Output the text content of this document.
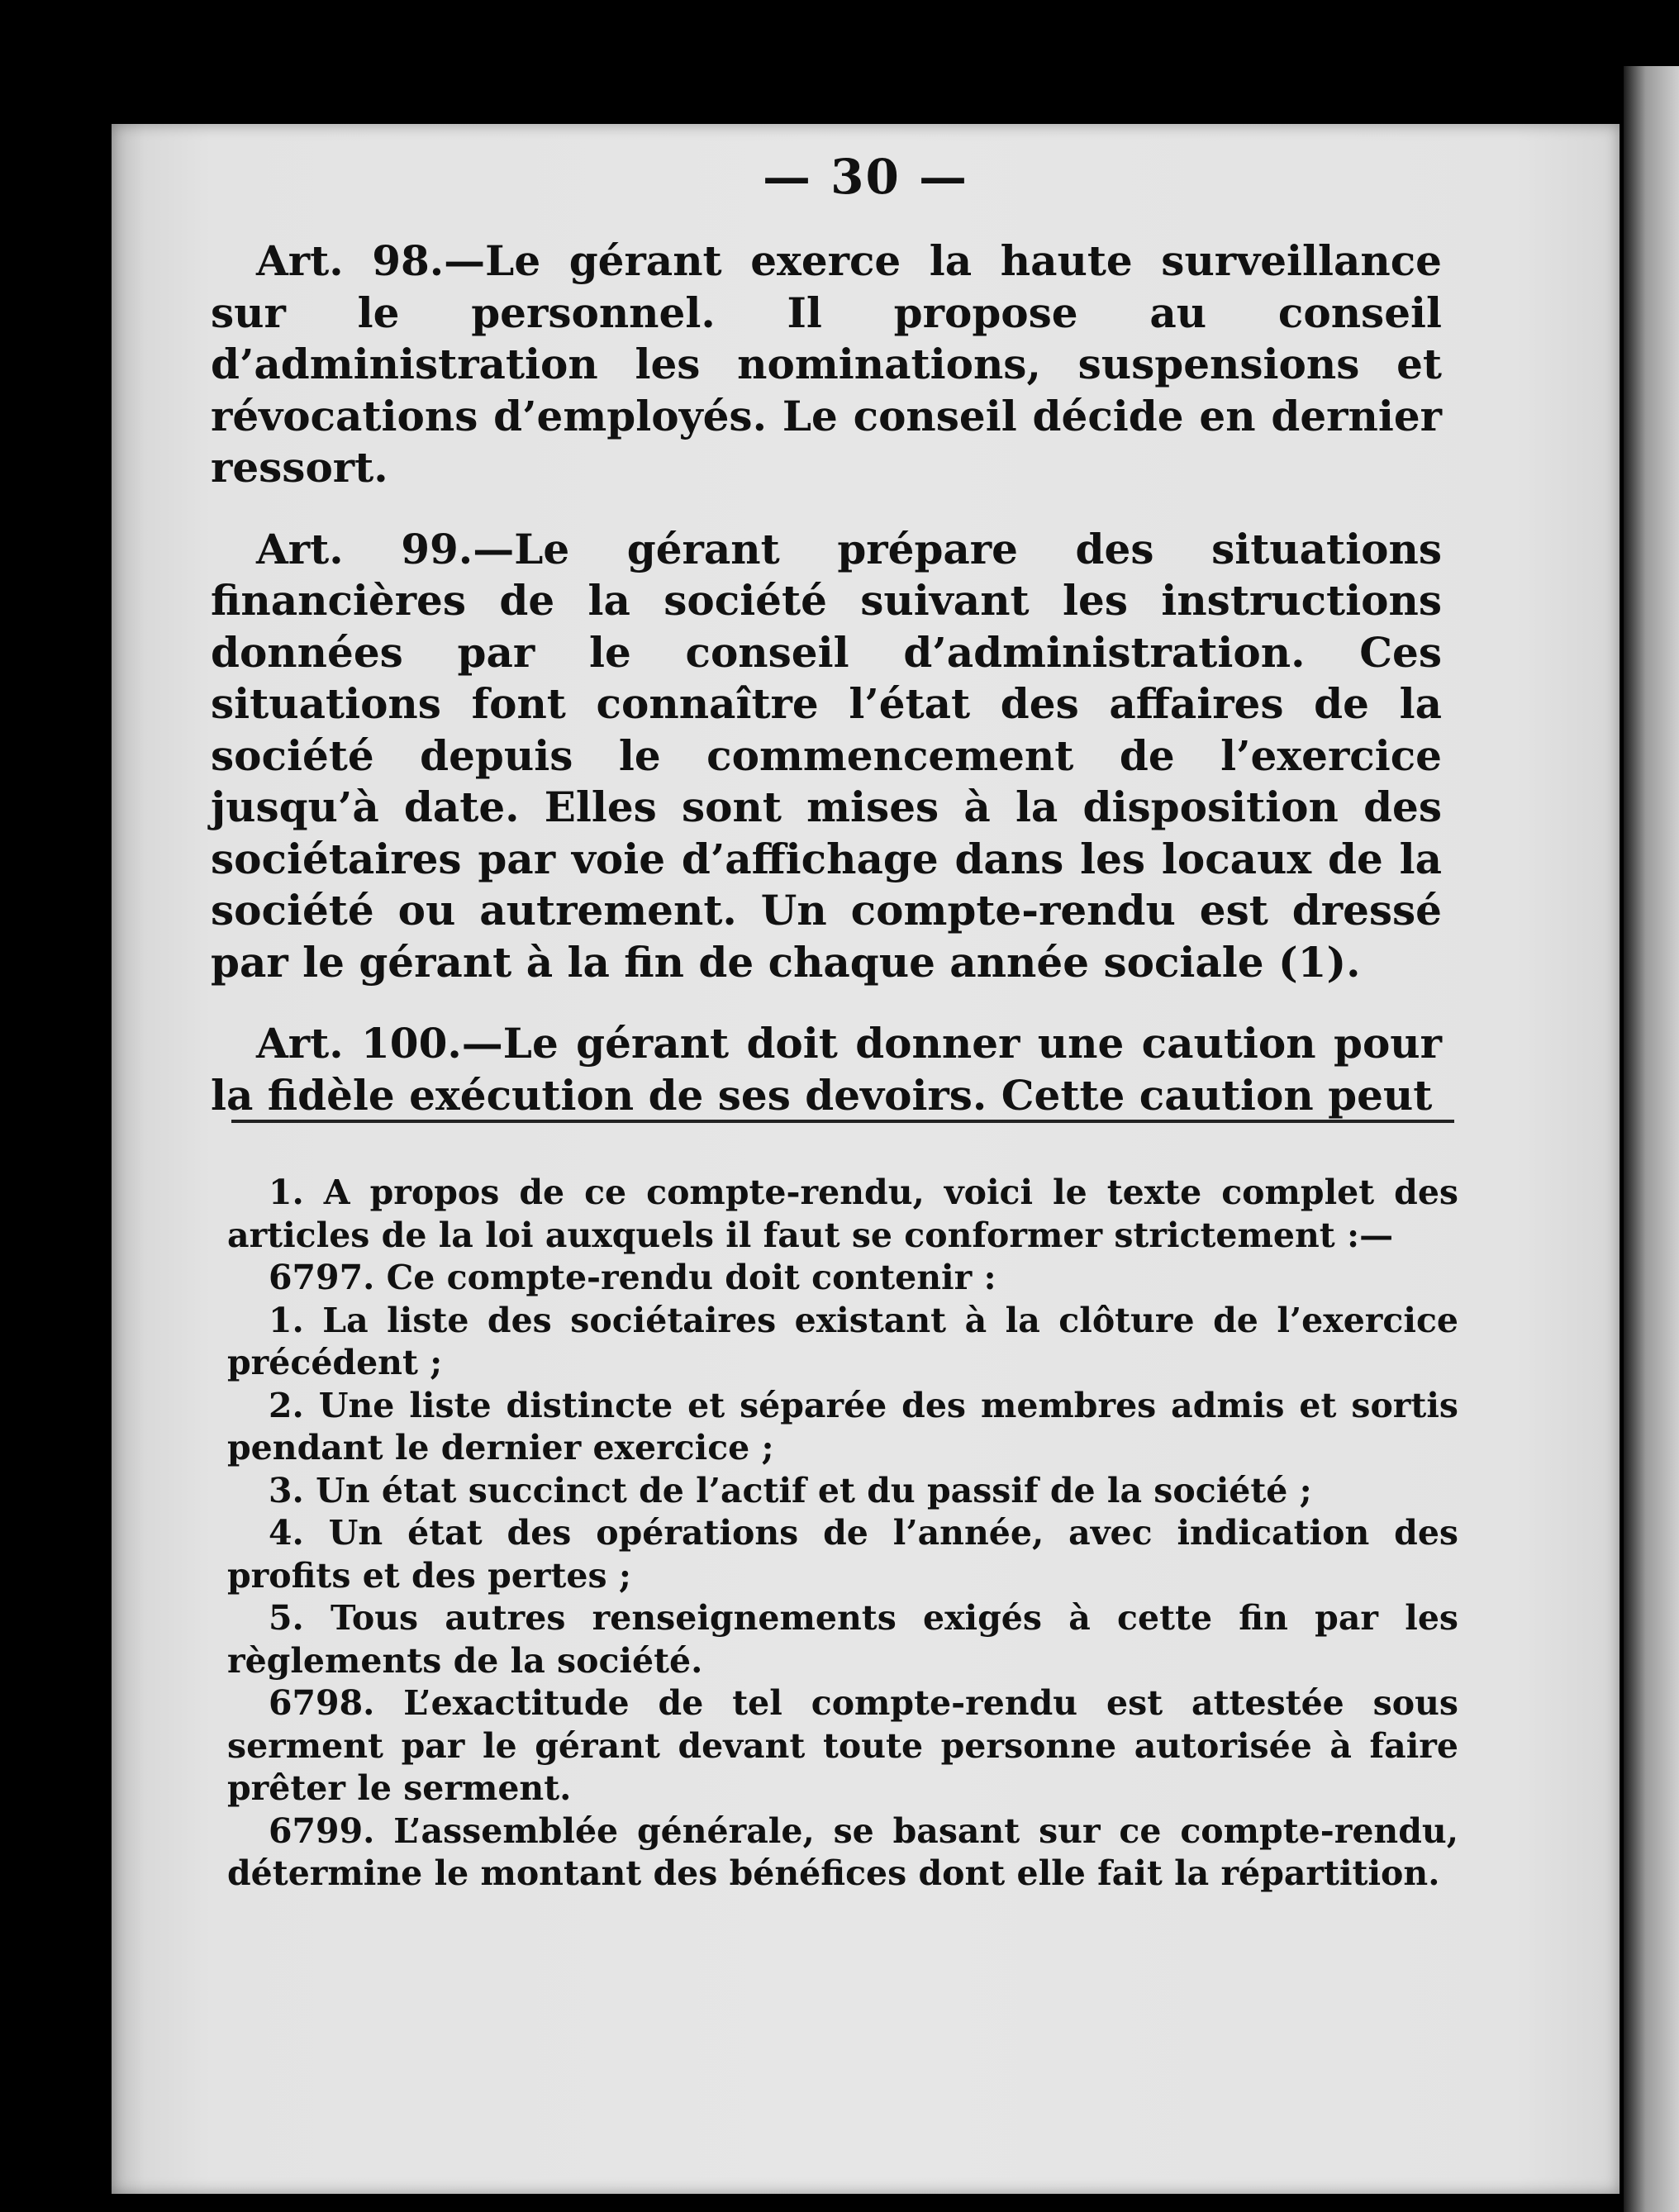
— 30 —

Art. 98.—Le gérant exerce la haute surveillance sur le personnel. Il propose au conseil d’administration les nominations, suspensions et révocations d’employés. Le conseil décide en dernier ressort.

Art. 99.—Le gérant prépare des situations financières de la société suivant les instructions données par le conseil d’administration. Ces situations font connaître l’état des affaires de la société depuis le commencement de l’exercice jusqu’à date. Elles sont mises à la disposition des sociétaires par voie d’affichage dans les locaux de la société ou autrement. Un compte-rendu est dressé par le gérant à la fin de chaque année sociale (1).

Art. 100.—Le gérant doit donner une caution pour la fidèle exécution de ses devoirs. Cette caution peut

1. A propos de ce compte-rendu, voici le texte complet des articles de la loi auxquels il faut se conformer strictement :—

6797. Ce compte-rendu doit contenir :

1. La liste des sociétaires existant à la clôture de l’exercice précédent ;

2. Une liste distincte et séparée des membres admis et sortis pendant le dernier exercice ;

3. Un état succinct de l’actif et du passif de la société ;

4. Un état des opérations de l’année, avec indication des profits et des pertes ;

5. Tous autres renseignements exigés à cette fin par les règlements de la société.

6798. L’exactitude de tel compte-rendu est attestée sous serment par le gérant devant toute personne autorisée à faire prêter le serment.

6799. L’assemblée générale, se basant sur ce compte-rendu, détermine le montant des bénéfices dont elle fait la répartition.
